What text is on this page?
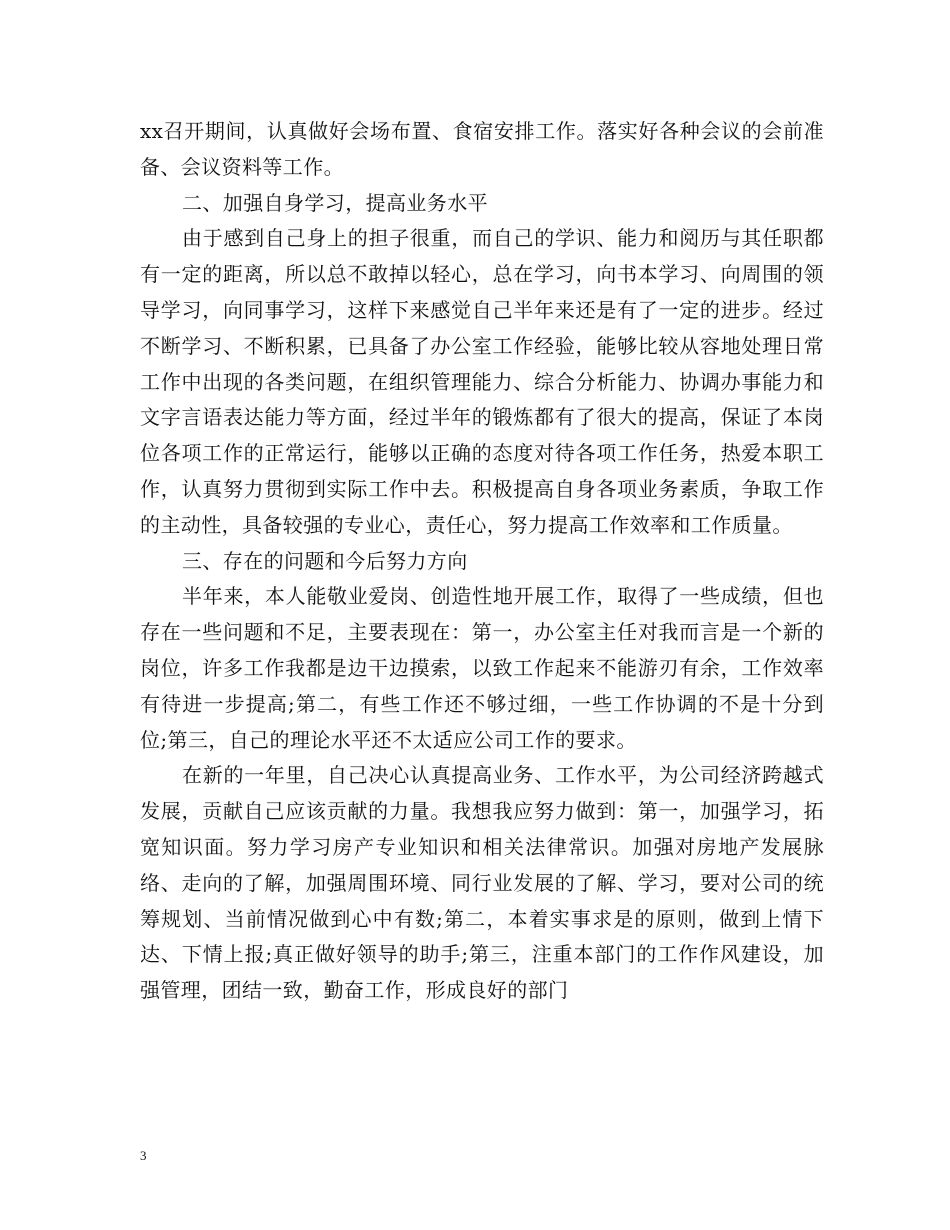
xx召开期间，认真做好会场布置、食宿安排工作。落实好各种会议的会前准备、会议资料等工作。

二、加强自身学习，提高业务水平

由于感到自己身上的担子很重，而自己的学识、能力和阅历与其任职都有一定的距离，所以总不敢掉以轻心，总在学习，向书本学习、向周围的领导学习，向同事学习，这样下来感觉自己半年来还是有了一定的进步。经过不断学习、不断积累，已具备了办公室工作经验，能够比较从容地处理日常工作中出现的各类问题，在组织管理能力、综合分析能力、协调办事能力和文字言语表达能力等方面，经过半年的锻炼都有了很大的提高，保证了本岗位各项工作的正常运行，能够以正确的态度对待各项工作任务，热爱本职工作，认真努力贯彻到实际工作中去。积极提高自身各项业务素质，争取工作的主动性，具备较强的专业心，责任心，努力提高工作效率和工作质量。

三、存在的问题和今后努力方向

半年来，本人能敬业爱岗、创造性地开展工作，取得了一些成绩，但也存在一些问题和不足，主要表现在：第一，办公室主任对我而言是一个新的岗位，许多工作我都是边干边摸索，以致工作起来不能游刃有余，工作效率有待进一步提高;第二，有些工作还不够过细，一些工作协调的不是十分到位;第三，自己的理论水平还不太适应公司工作的要求。

在新的一年里，自己决心认真提高业务、工作水平，为公司经济跨越式发展，贡献自己应该贡献的力量。我想我应努力做到：第一，加强学习，拓宽知识面。努力学习房产专业知识和相关法律常识。加强对房地产发展脉络、走向的了解，加强周围环境、同行业发展的了解、学习，要对公司的统筹规划、当前情况做到心中有数;第二，本着实事求是的原则，做到上情下达、下情上报;真正做好领导的助手;第三，注重本部门的工作作风建设，加强管理，团结一致，勤奋工作，形成良好的部门

3
